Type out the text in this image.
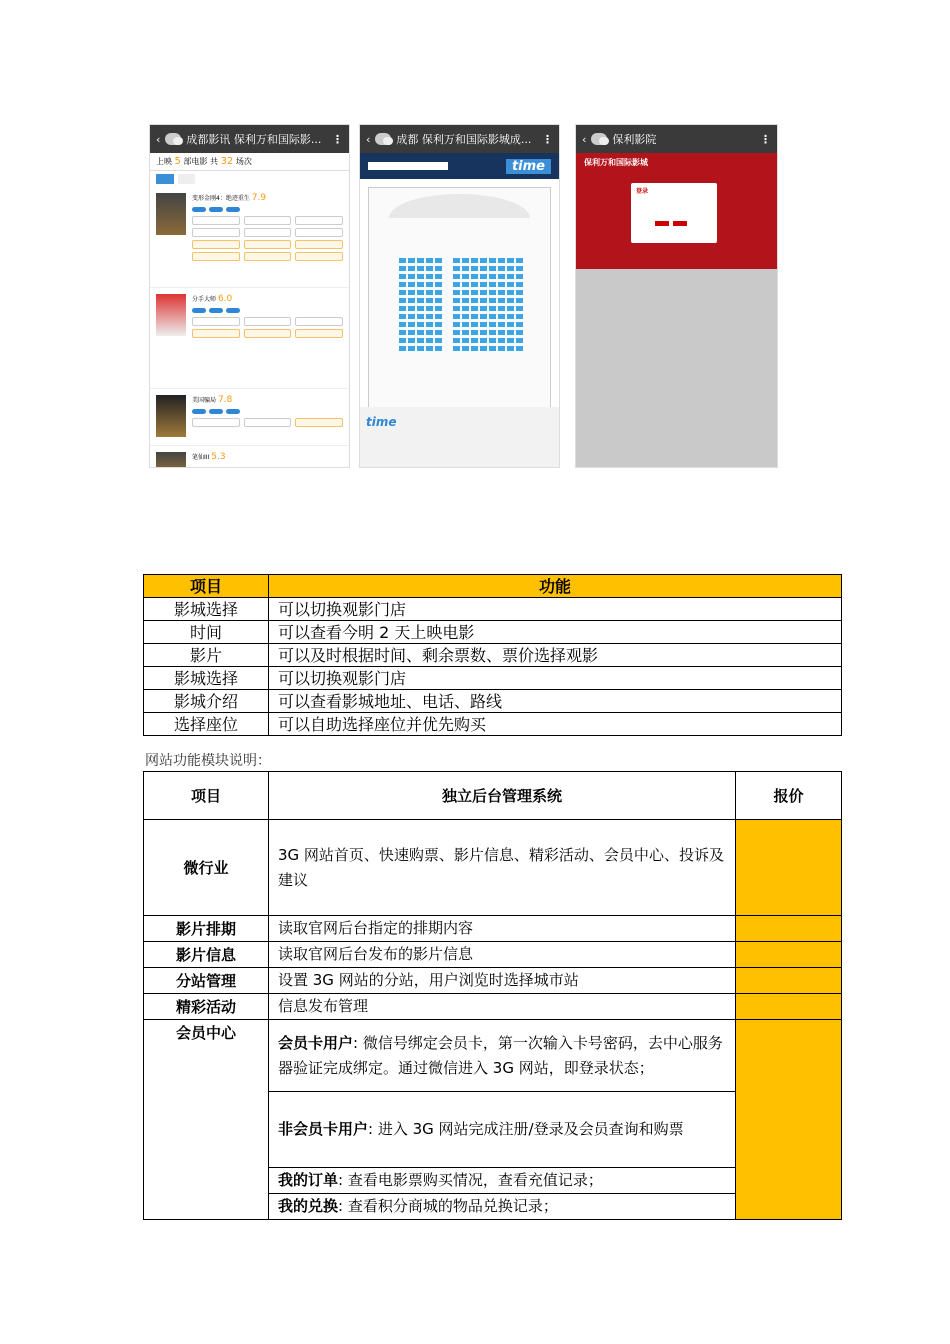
‹ 成都影讯 保利万和国际影... ⋮
上映 5 部电影 共 32 场次

变形金刚4：绝迹重生 7.9
分手大师 6.0
美国骗局 7.8
笔仙III 5.3
‹ 成都 保利万和国际影城成... ⋮
time
time
‹ 保利影院	⋮
保利万和国际影城
登录
项目	功能
影城选择	可以切换观影门店
时间	可以查看今明 2 天上映电影
影片	可以及时根据时间、剩余票数、票价选择观影
影城选择	可以切换观影门店
影城介绍	可以查看影城地址、电话、路线
选择座位	可以自助选择座位并优先购买
网站功能模块说明：
项目	独立后台管理系统	报价
微行业	3G 网站首页、快速购票、影片信息、精彩活动、会员中心、投诉及建议	
影片排期	读取官网后台指定的排期内容	
影片信息	读取官网后台发布的影片信息	
分站管理	设置 3G 网站的分站，用户浏览时选择城市站	
精彩活动	信息发布管理	
会员中心	会员卡用户: 微信号绑定会员卡，第一次输入卡号密码，去中心服务器验证完成绑定。通过微信进入 3G 网站，即登录状态；	
	非会员卡用户: 进入 3G 网站完成注册/登录及会员查询和购票	
	我的订单: 查看电影票购买情况，查看充值记录；	
	我的兑换: 查看积分商城的物品兑换记录；	
